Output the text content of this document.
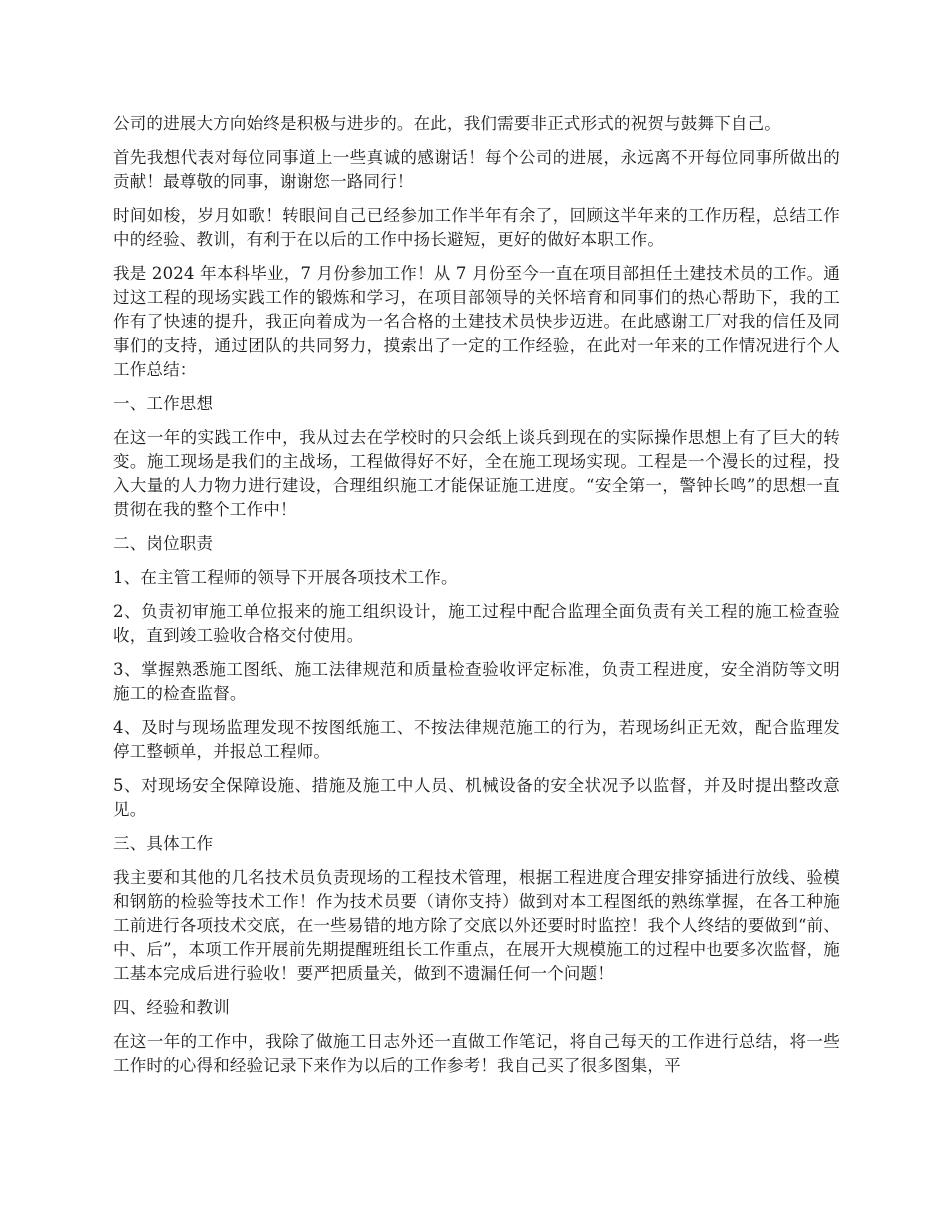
公司的进展大方向始终是积极与进步的。在此，我们需要非正式形式的祝贺与鼓舞下自己。

首先我想代表对每位同事道上一些真诚的感谢话！每个公司的进展，永远离不开每位同事所做出的贡献！最尊敬的同事，谢谢您一路同行！

时间如梭，岁月如歌！转眼间自己已经参加工作半年有余了，回顾这半年来的工作历程，总结工作中的经验、教训，有利于在以后的工作中扬长避短，更好的做好本职工作。

我是 2024 年本科毕业，7 月份参加工作！从 7 月份至今一直在项目部担任土建技术员的工作。通过这工程的现场实践工作的锻炼和学习，在项目部领导的关怀培育和同事们的热心帮助下，我的工作有了快速的提升，我正向着成为一名合格的土建技术员快步迈进。在此感谢工厂对我的信任及同事们的支持，通过团队的共同努力，摸索出了一定的工作经验，在此对一年来的工作情况进行个人工作总结：

一、工作思想

在这一年的实践工作中，我从过去在学校时的只会纸上谈兵到现在的实际操作思想上有了巨大的转变。施工现场是我们的主战场，工程做得好不好，全在施工现场实现。工程是一个漫长的过程，投入大量的人力物力进行建设，合理组织施工才能保证施工进度。“安全第一，警钟长鸣”的思想一直贯彻在我的整个工作中！

二、岗位职责

1、在主管工程师的领导下开展各项技术工作。

2、负责初审施工单位报来的施工组织设计，施工过程中配合监理全面负责有关工程的施工检查验收，直到竣工验收合格交付使用。

3、掌握熟悉施工图纸、施工法律规范和质量检查验收评定标准，负责工程进度，安全消防等文明施工的检查监督。

4、及时与现场监理发现不按图纸施工、不按法律规范施工的行为，若现场纠正无效，配合监理发停工整顿单，并报总工程师。

5、对现场安全保障设施、措施及施工中人员、机械设备的安全状况予以监督，并及时提出整改意见。

三、具体工作

我主要和其他的几名技术员负责现场的工程技术管理，根据工程进度合理安排穿插进行放线、验模和钢筋的检验等技术工作！作为技术员要（请你支持）做到对本工程图纸的熟练掌握，在各工种施工前进行各项技术交底，在一些易错的地方除了交底以外还要时时监控！我个人终结的要做到“前、中、后”，本项工作开展前先期提醒班组长工作重点，在展开大规模施工的过程中也要多次监督，施工基本完成后进行验收！要严把质量关，做到不遗漏任何一个问题！

四、经验和教训

在这一年的工作中，我除了做施工日志外还一直做工作笔记，将自己每天的工作进行总结，将一些工作时的心得和经验记录下来作为以后的工作参考！我自己买了很多图集，平
